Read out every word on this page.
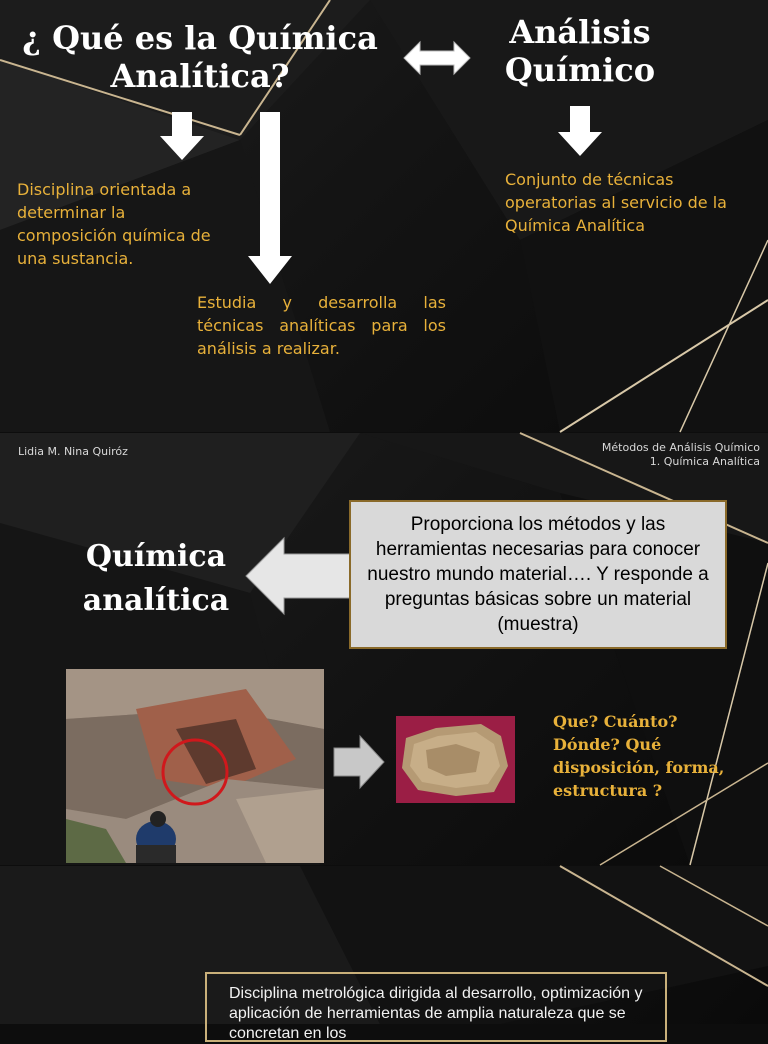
¿ Qué es la Química Analítica?
Análisis Químico
Disciplina orientada a determinar la composición química de una sustancia.
Estudia y desarrolla las técnicas analíticas para los análisis a realizar.
Conjunto de técnicas operatorias al servicio de la Química Analítica
Lidia M. Nina Quiróz	Métodos de Análisis Químico
1. Química Analítica
Química analítica
Proporciona los métodos y las herramientas necesarias para conocer nuestro mundo material…. Y responde a preguntas básicas sobre un material (muestra)
Que? Cuánto? Dónde? Qué disposición, forma, estructura ?
Disciplina metrológica dirigida al desarrollo, optimización y aplicación de herramientas de amplia naturaleza que se concretan en los
